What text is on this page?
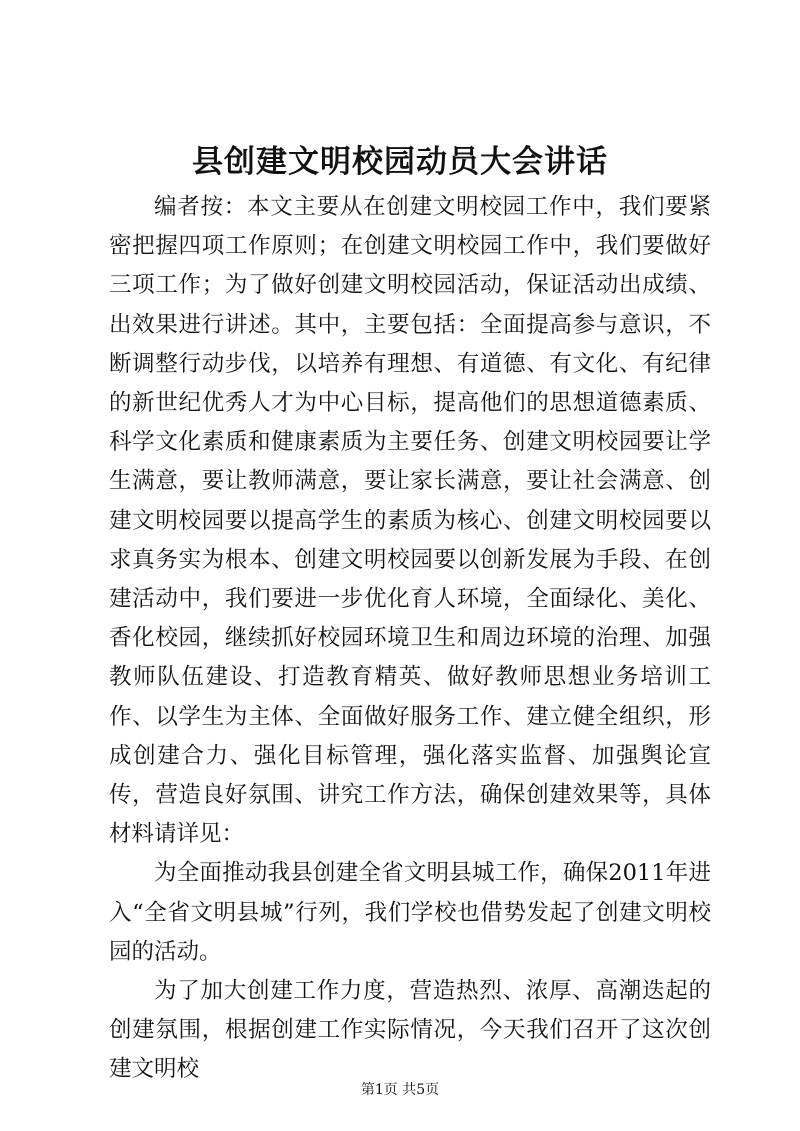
县创建文明校园动员大会讲话

编者按：本文主要从在创建文明校园工作中，我们要紧密把握四项工作原则；在创建文明校园工作中，我们要做好三项工作；为了做好创建文明校园活动，保证活动出成绩、出效果进行讲述。其中，主要包括：全面提高参与意识，不断调整行动步伐，以培养有理想、有道德、有文化、有纪律的新世纪优秀人才为中心目标，提高他们的思想道德素质、科学文化素质和健康素质为主要任务、创建文明校园要让学生满意，要让教师满意，要让家长满意，要让社会满意、创建文明校园要以提高学生的素质为核心、创建文明校园要以求真务实为根本、创建文明校园要以创新发展为手段、在创建活动中，我们要进一步优化育人环境，全面绿化、美化、香化校园，继续抓好校园环境卫生和周边环境的治理、加强教师队伍建设、打造教育精英、做好教师思想业务培训工作、以学生为主体、全面做好服务工作、建立健全组织，形成创建合力、强化目标管理，强化落实监督、加强舆论宣传，营造良好氛围、讲究工作方法，确保创建效果等，具体材料请详见：

为全面推动我县创建全省文明县城工作，确保2011年进入“全省文明县城”行列，我们学校也借势发起了创建文明校园的活动。

为了加大创建工作力度，营造热烈、浓厚、高潮迭起的创建氛围，根据创建工作实际情况，今天我们召开了这次创建文明校

第1页 共5页
